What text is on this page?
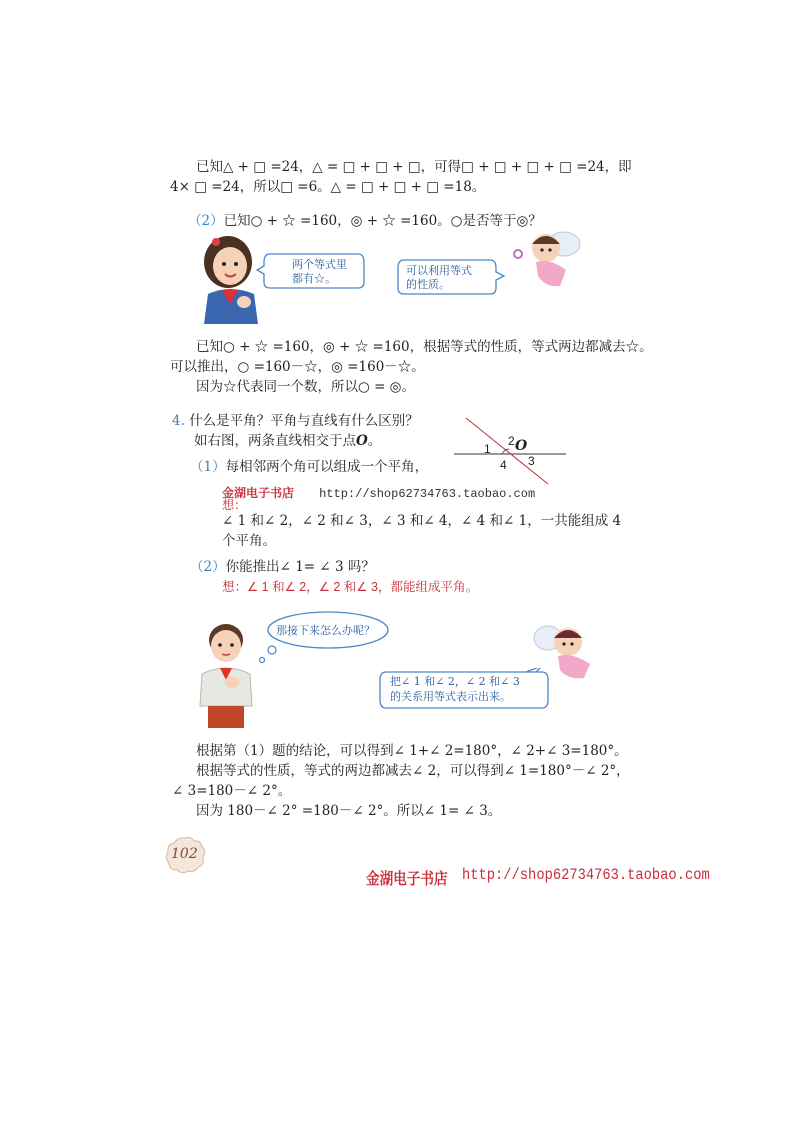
已知△ + □ =24，△ = □ + □ + □，可得□ + □ + □ + □ =24，即
4× □ =24，所以□ =6。△ = □ + □ + □ =18。
（2）已知○ + ☆ =160，◎ + ☆ =160。○是否等于◎？
两个等式里
都有☆。
可以利用等式
的性质。
已知○ + ☆ =160，◎ + ☆ =160，根据等式的性质，等式两边都减去☆。
可以推出，○ =160－☆，◎ =160－☆。
因为☆代表同一个数，所以○ = ◎。
4. 什么是平角？平角与直线有什么区别？
如右图，两条直线相交于点O。	1
2 O
3
4
（1）每相邻两个角可以组成一个平角，
金湖电子书店 http://shop62734763.taobao.com
想：
∠ 1 和∠ 2，∠ 2 和∠ 3，∠ 3 和∠ 4，∠ 4 和∠ 1，一共能组成 4
个平角。
（2）你能推出∠ 1= ∠ 3 吗？
想：∠ 1 和∠ 2，∠ 2 和∠ 3，都能组成平角。
那接下来怎么办呢？
把∠ 1 和∠ 2，∠ 2 和∠ 3
的关系用等式表示出来。
根据第（1）题的结论，可以得到∠ 1+∠ 2=180°，∠ 2+∠ 3=180°。
根据等式的性质，等式的两边都减去∠ 2，可以得到∠ 1=180°－∠ 2°，
∠ 3=180－∠ 2°。
因为 180－∠ 2° =180－∠ 2°。所以∠ 1= ∠ 3。
102
金湖电子书店 http://shop62734763.taobao.com
